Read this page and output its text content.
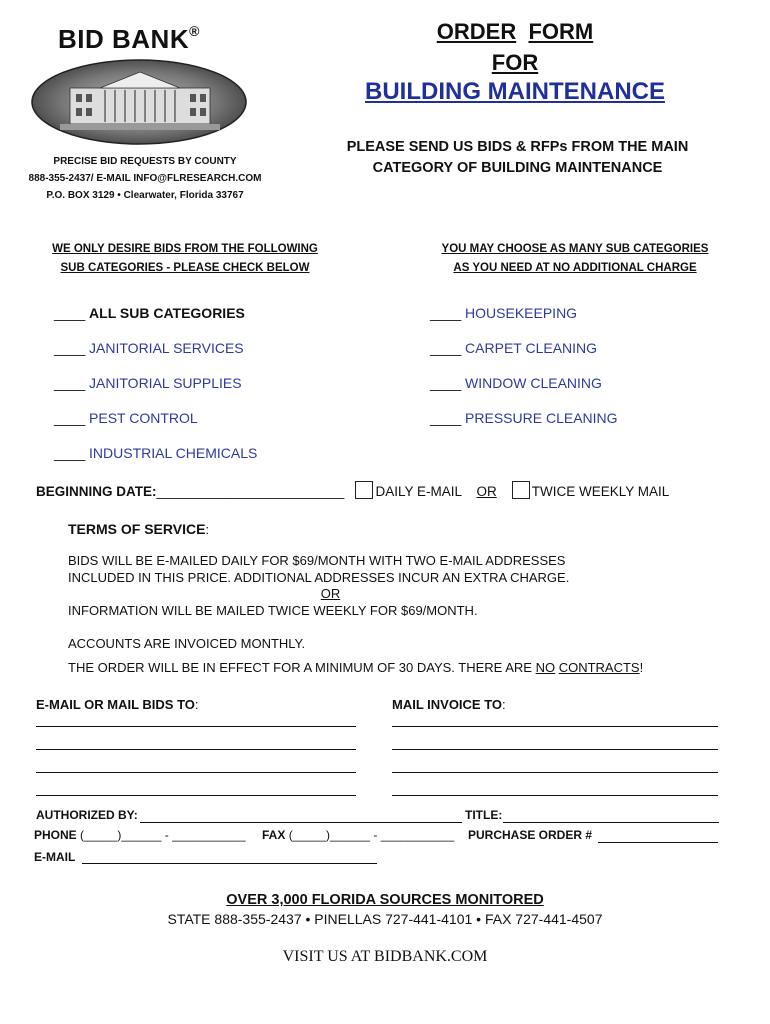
BID BANK®
PRECISE BID REQUESTS BY COUNTY
888-355-2437/ E-MAIL INFO@FLRESEARCH.COM
P.O. BOX 3129 • Clearwater, Florida 33767
ORDER FORM
FOR
BUILDING MAINTENANCE
PLEASE SEND US BIDS & RFPs FROM THE MAIN
CATEGORY OF BUILDING MAINTENANCE
WE ONLY DESIRE BIDS FROM THE FOLLOWING
SUB CATEGORIES - PLEASE CHECK BELOW
YOU MAY CHOOSE AS MANY SUB CATEGORIES
AS YOU NEED AT NO ADDITIONAL CHARGE
____ ALL SUB CATEGORIES
____ JANITORIAL SERVICES
____ JANITORIAL SUPPLIES
____ PEST CONTROL
____ INDUSTRIAL CHEMICALS
____ HOUSEKEEPING
____ CARPET CLEANING
____ WINDOW CLEANING
____ PRESSURE CLEANING
BEGINNING DATE:_________________________ DAILY E-MAIL OR	TWICE WEEKLY MAIL
TERMS OF SERVICE:
BIDS WILL BE E-MAILED DAILY FOR $69/MONTH WITH TWO E-MAIL ADDRESSES
INCLUDED IN THIS PRICE. ADDITIONAL ADDRESSES INCUR AN EXTRA CHARGE.
OR
INFORMATION WILL BE MAILED TWICE WEEKLY FOR $69/MONTH.
ACCOUNTS ARE INVOICED MONTHLY.
THE ORDER WILL BE IN EFFECT FOR A MINIMUM OF 30 DAYS. THERE ARE NO CONTRACTS!
E-MAIL OR MAIL BIDS TO:	MAIL INVOICE TO:
AUTHORIZED BY:	TITLE:
PHONE (_____)______ - ___________ FAX (_____)______ - ___________ PURCHASE ORDER #
E-MAIL
OVER 3,000 FLORIDA SOURCES MONITORED
STATE 888-355-2437 • PINELLAS 727-441-4101 • FAX 727-441-4507
VISIT US AT BIDBANK.COM
